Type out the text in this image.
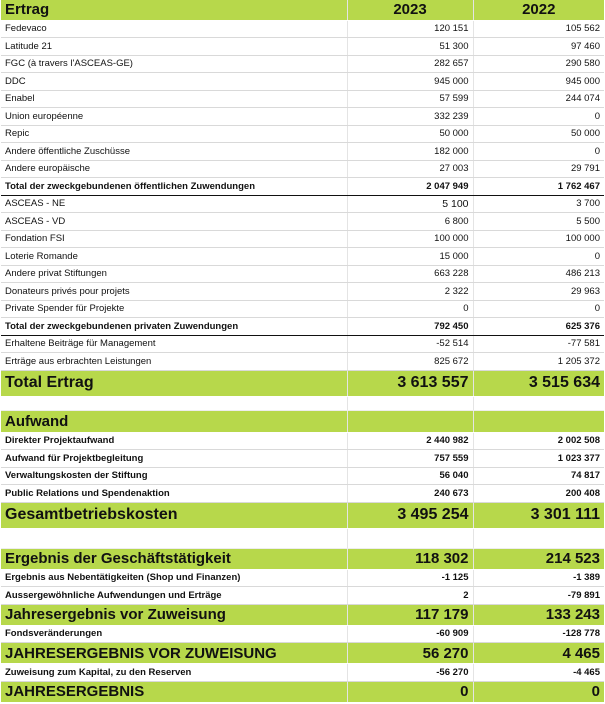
Ertrag	2023	2022
Fedevaco	120 151	105 562
Latitude 21	51 300	97 460
FGC (à travers l'ASCEAS-GE)	282 657	290 580
DDC	945 000	945 000
Enabel	57 599	244 074
Union européenne	332 239	0
Repic	50 000	50 000
Andere öffentliche Zuschüsse	182 000	0
Andere europäische	27 003	29 791
Total der zweckgebundenen öffentlichen Zuwendungen	2 047 949	1 762 467
ASCEAS - NE	5 100	3 700
ASCEAS - VD	6 800	5 500
Fondation FSI	100 000	100 000
Loterie Romande	15 000	0
Andere privat Stiftungen	663 228	486 213
Donateurs privés pour projets	2 322	29 963
Private Spender für Projekte	0	0
Total der zweckgebundenen privaten Zuwendungen	792 450	625 376
Erhaltene Beiträge für Management	-52 514	-77 581
Erträge aus erbrachten Leistungen	825 672	1 205 372
Total Ertrag	3 613 557	3 515 634

Aufwand		
Direkter Projektaufwand	2 440 982	2 002 508
Aufwand für Projektbegleitung	757 559	1 023 377
Verwaltungskosten der Stiftung	56 040	74 817
Public Relations und Spendenaktion	240 673	200 408
Gesamtbetriebskosten	3 495 254	3 301 111

Ergebnis der Geschäftstätigkeit	118 302	214 523
Ergebnis aus Nebentätigkeiten (Shop und Finanzen)	-1 125	-1 389
Aussergewöhnliche Aufwendungen und Erträge	2	-79 891
Jahresergebnis vor Zuweisung	117 179	133 243
Fondsveränderungen	-60 909	-128 778
JAHRESERGEBNIS VOR ZUWEISUNG	56 270	4 465
Zuweisung zum Kapital, zu den Reserven	-56 270	-4 465
JAHRESERGEBNIS	0	0
